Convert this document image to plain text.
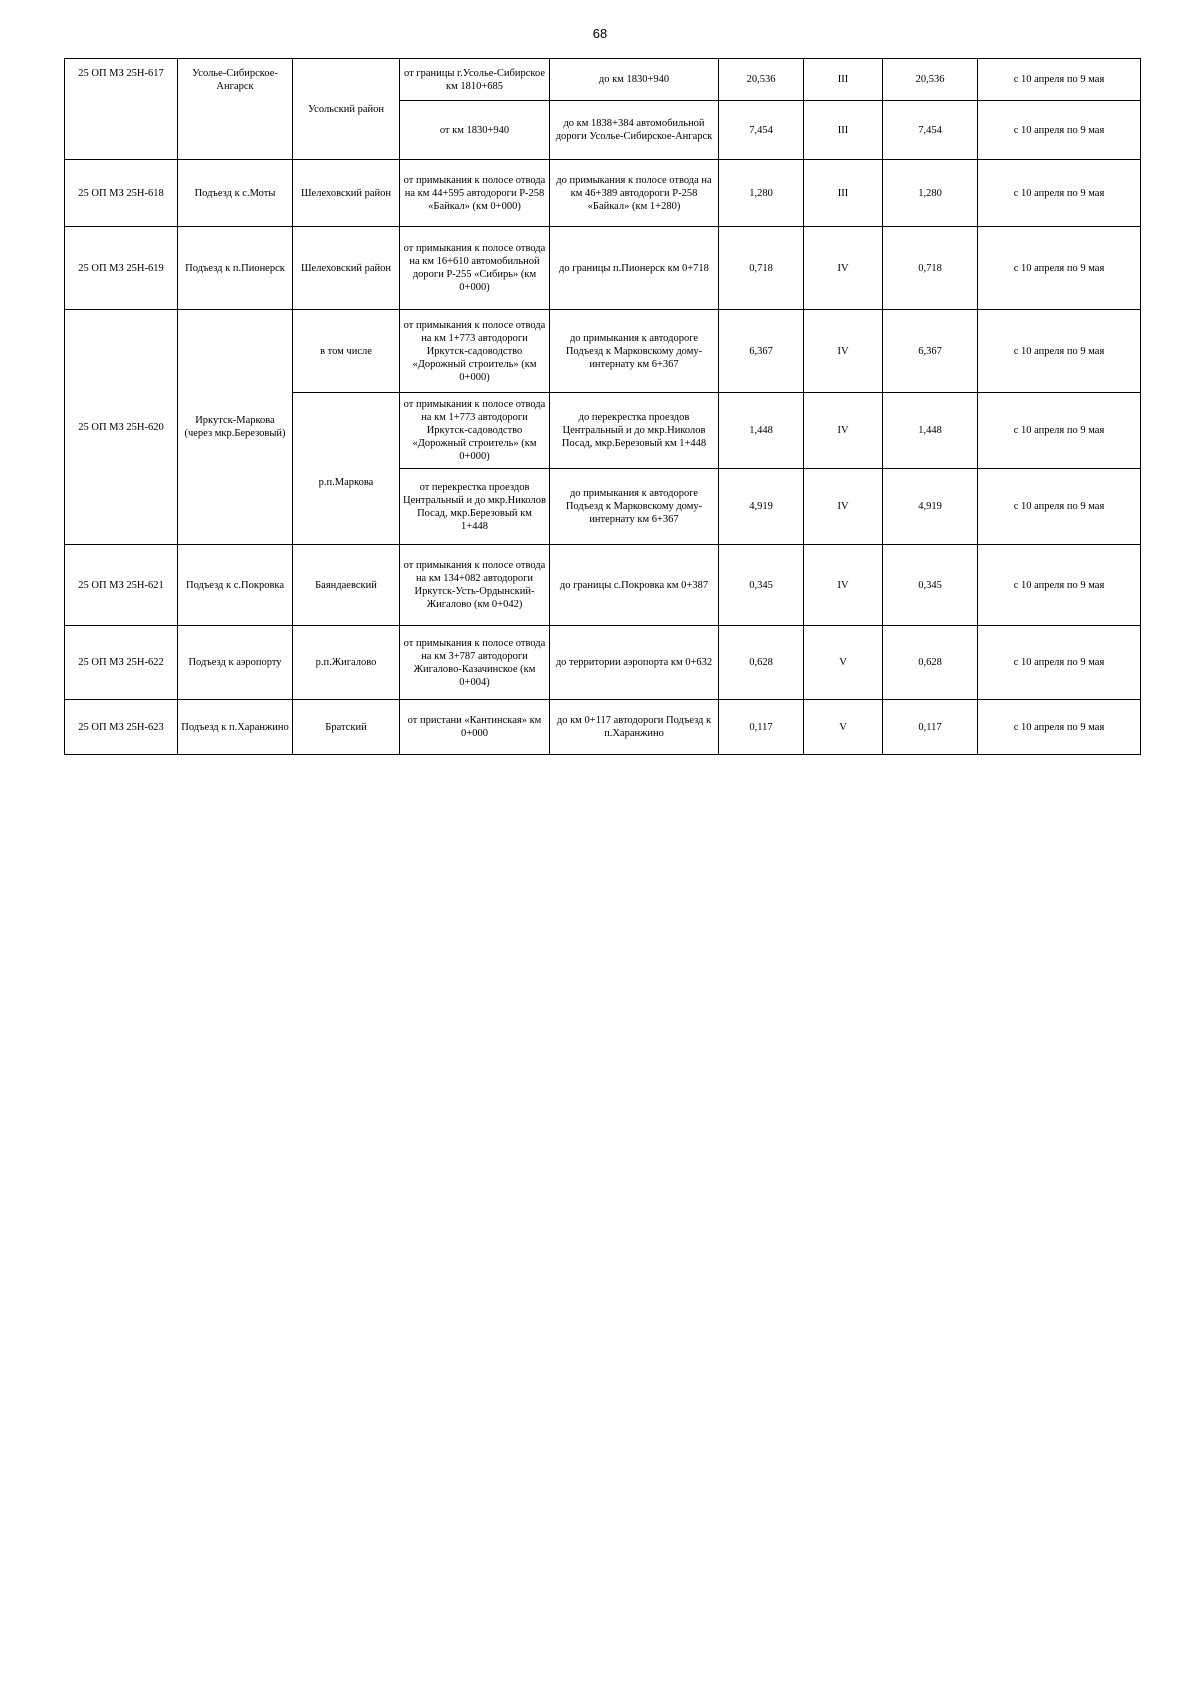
68
25 ОП МЗ 25Н-617	Усолье-Сибирское-Ангарск	Усольский район	от границы г.Усолье-Сибирское км 1810+685	до км 1830+940	20,536	III	20,536	с 10 апреля по 9 мая
			от км 1830+940	до км 1838+384 автомобильной дороги Усолье-Сибирское-Ангарск	7,454	III	7,454	с 10 апреля по 9 мая
25 ОП МЗ 25Н-618	Подъезд к с.Моты	Шелеховский район	от примыкания к полосе отвода на км 44+595 автодороги Р-258 «Байкал» (км 0+000)	до примыкания к полосе отвода на км 46+389 автодороги Р-258 «Байкал» (км 1+280)	1,280	III	1,280	с 10 апреля по 9 мая
25 ОП МЗ 25Н-619	Подъезд к п.Пионерск	Шелеховский район	от примыкания к полосе отвода на км 16+610 автомобильной дороги Р-255 «Сибирь» (км 0+000)	до границы п.Пионерск км 0+718	0,718	IV	0,718	с 10 апреля по 9 мая
25 ОП МЗ 25Н-620	Иркутск-Маркова (через мкр.Березовый)	в том числе	от примыкания к полосе отвода на км 1+773 автодороги Иркутск-садоводство «Дорожный строитель» (км 0+000)	до примыкания к автодороге Подъезд к Марковскому дому-интернату км 6+367	6,367	IV	6,367	с 10 апреля по 9 мая
		р.п.Маркова	от примыкания к полосе отвода на км 1+773 автодороги Иркутск-садоводство «Дорожный строитель» (км 0+000)	до перекрестка проездов Центральный и до мкр.Николов Посад, мкр.Березовый км 1+448	1,448	IV	1,448	с 10 апреля по 9 мая
			от перекрестка проездов Центральный и до мкр.Николов Посад, мкр.Березовый км 1+448	до примыкания к автодороге Подъезд к Марковскому дому-интернату км 6+367	4,919	IV	4,919	с 10 апреля по 9 мая
25 ОП МЗ 25Н-621	Подъезд к с.Покровка	Баяндаевский	от примыкания к полосе отвода на км 134+082 автодороги Иркутск-Усть-Ордынский-Жигалово (км 0+042)	до границы с.Покровка км 0+387	0,345	IV	0,345	с 10 апреля по 9 мая
25 ОП МЗ 25Н-622	Подъезд к аэропорту	р.п.Жигалово	от примыкания к полосе отвода на км 3+787 автодороги Жигалово-Казачинское (км 0+004)	до территории аэропорта км 0+632	0,628	V	0,628	с 10 апреля по 9 мая
25 ОП МЗ 25Н-623	Подъезд к п.Харанжино	Братский	от пристани «Кантинская» км 0+000	до км 0+117 автодороги Подъезд к п.Харанжино	0,117	V	0,117	с 10 апреля по 9 мая
